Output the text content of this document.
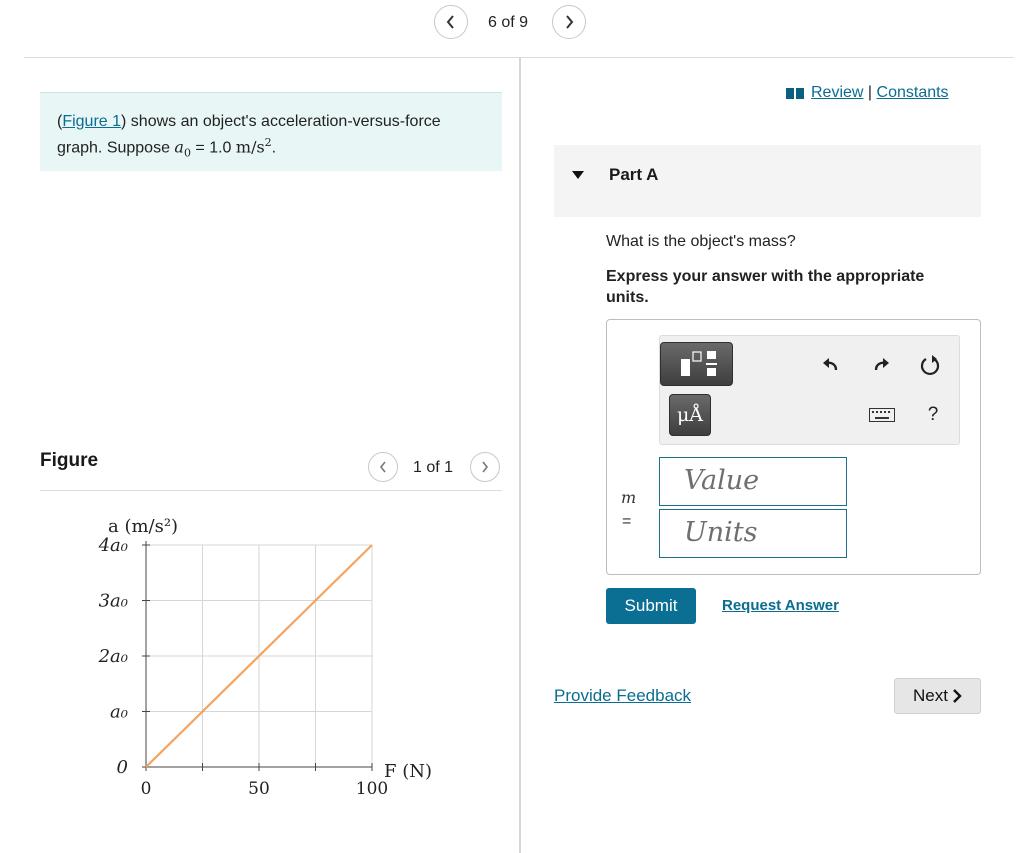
6 of 9
(Figure 1) shows an object's acceleration-versus-force graph. Suppose $a_0 = 1.0$ $m/s^2$.
Figure	1 of 1
0	50	100
0
a₀
2a₀
3a₀
4a₀
a (m/s²)
F (N)
Review | Constants
Part A
What is the object's mass?
Express your answer with the appropriate units.
μÅ	?
m
=
Value
Units
Submit	Request Answer
Provide Feedback	Next
